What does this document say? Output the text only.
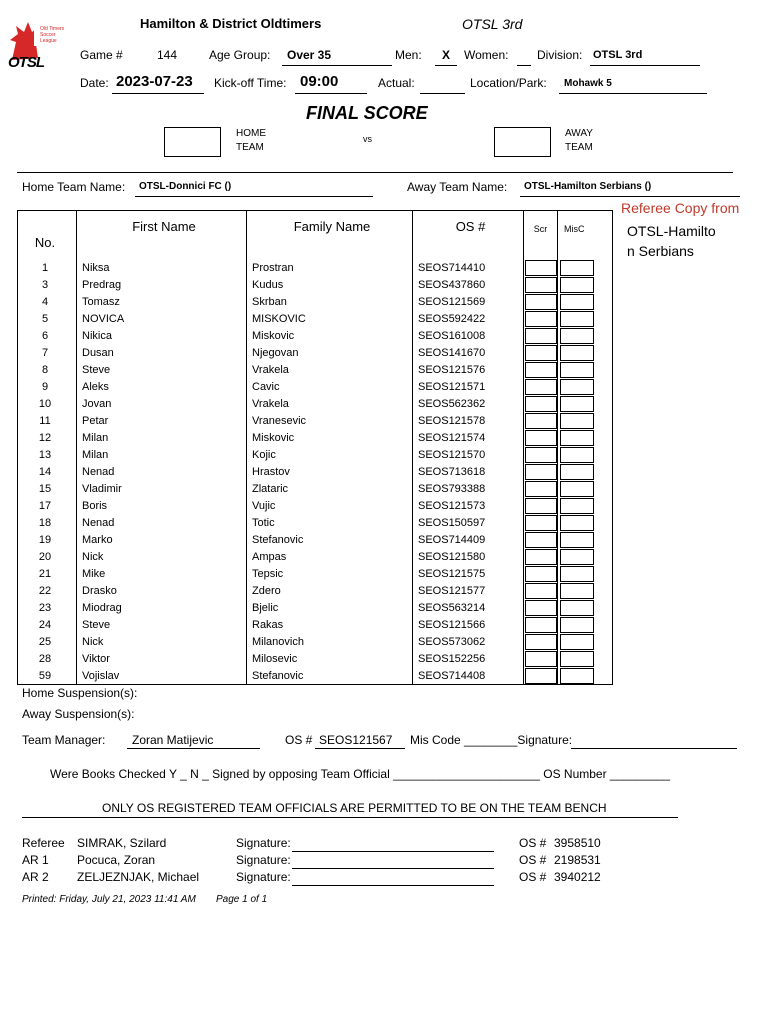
Old Timers Soccer League
OTSL
Hamilton & District Oldtimers	OTSL 3rd
Game #	144	Age Group: Over 35	Men: X Women: Division: OTSL 3rd
Date: 2023-07-23 Kick-off Time: 09:00	Actual:	Location/Park: Mohawk 5
FINAL SCORE
HOME
TEAM
vs	AWAY
TEAM
Home Team Name: OTSL-Donnici FC ()	Away Team Name: OTSL-Hamilton Serbians ()
Referee Copy from
OTSL-Hamilto
n Serbians
No.	First Name	Family Name	OS #	Scr	MisC
1	Niksa	Prostran	SEOS714410	

3	Predrag	Kudus	SEOS437860	

4	Tomasz	Skrban	SEOS121569	

5	NOVICA	MISKOVIC	SEOS592422	

6	Nikica	Miskovic	SEOS161008	

7	Dusan	Njegovan	SEOS141670	

8	Steve	Vrakela	SEOS121576	

9	Aleks	Cavic	SEOS121571	

10	Jovan	Vrakela	SEOS562362	

11	Petar	Vranesevic	SEOS121578	

12	Milan	Miskovic	SEOS121574	

13	Milan	Kojic	SEOS121570	

14	Nenad	Hrastov	SEOS713618	

15	Vladimir	Zlataric	SEOS793388	

17	Boris	Vujic	SEOS121573	

18	Nenad	Totic	SEOS150597	

19	Marko	Stefanovic	SEOS714409	

20	Nick	Ampas	SEOS121580	

21	Mike	Tepsic	SEOS121575	

22	Drasko	Zdero	SEOS121577	

23	Miodrag	Bjelic	SEOS563214	

24	Steve	Rakas	SEOS121566	

25	Nick	Milanovich	SEOS573062	

28	Viktor	Milosevic	SEOS152256	

59	Vojislav	Stefanovic	SEOS714408	

Home Suspension(s):
Away Suspension(s):
Team Manager: Zoran Matijevic	OS # SEOS121567 Mis Code ________Signature:
Were Books Checked Y _ N _ Signed by opposing Team Official ______________________ OS Number _________
ONLY OS REGISTERED TEAM OFFICIALS ARE PERMITTED TO BE ON THE TEAM BENCH
Referee SIMRAK, Szilard	Signature:	OS # 3958510
AR 1 Pocuca, Zoran	Signature:	OS # 2198531
AR 2 ZELJEZNJAK, Michael	Signature:	OS # 3940212
Printed: Friday, July 21, 2023 11:41 AM Page 1 of 1
